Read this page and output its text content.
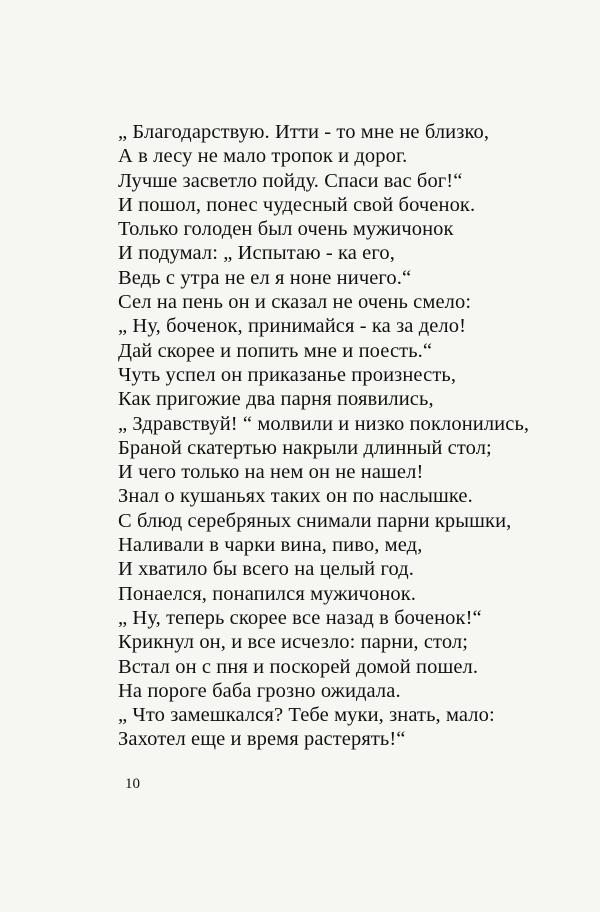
„ Благодарствую. Итти - то мне не близко,
А в лесу не мало тропок и дорог.
Лучше засветло пойду. Спаси вас бог!“
И пошол, понес чудесный свой боченок.
Только голоден был очень мужичонок
И подумал: „ Испытаю - ка его,
Ведь с утра не ел я ноне ничего.“
Сел на пень он и сказал не очень смело:
„ Ну, боченок, принимайся - ка за дело!
Дай скорее и попить мне и поесть.“
Чуть успел он приказанье произнесть,
Как пригожие два парня появились,
„ Здравствуй! “ молвили и низко поклонились,
Браной скатертью накрыли длинный стол;
И чего только на нем он не нашел!
Знал о кушаньях таких он по наслышке.
С блюд серебряных снимали парни крышки,
Наливали в чарки вина, пиво, мед,
И хватило бы всего на целый год.
Понаелся, понапился мужичонок.
„ Ну, теперь скорее все назад в боченок!“
Крикнул он, и все исчезло: парни, стол;
Встал он с пня и поскорей домой пошел.
На пороге баба грозно ожидала.
„ Что замешкался? Тебе муки, знать, мало:
Захотел еще и время растерять!“
10
